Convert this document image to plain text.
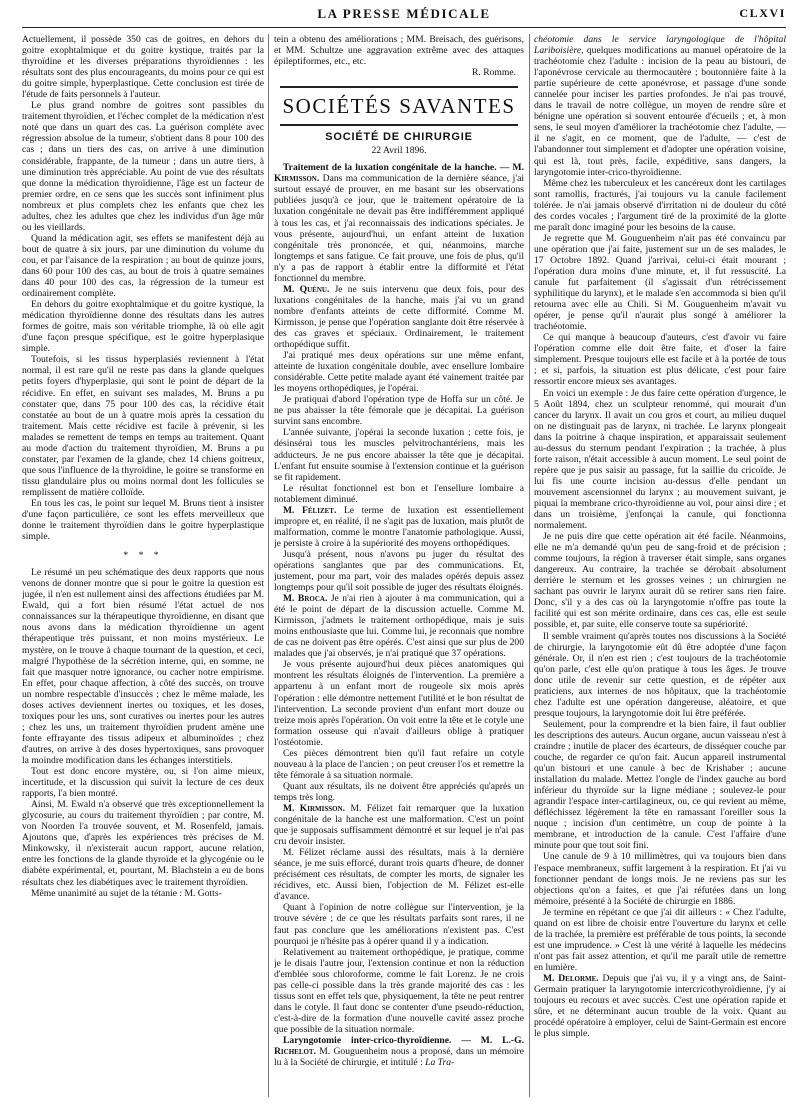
LA PRESSE MÉDICALE	CLXVI

Actuellement, il possède 350 cas de goitres, en dehors du goitre exophtalmique et du goitre kystique, traités par la thyroïdine et les diverses préparations thyroïdiennes : les résultats sont des plus encourageants, du moins pour ce qui est du goitre simple, hyperplastique. Cette conclusion est tirée de l'étude de faits personnels à l'auteur.

Le plus grand nombre de goitres sont passibles du traitement thyroïdien, et l'échec complet de la médication n'est noté que dans un quart des cas. La guérison complète avec régression absolue de la tumeur, s'obtient dans 8 pour 100 des cas ; dans un tiers des cas, on arrive à une diminution considérable, frappante, de la tumeur ; dans un autre tiers, à une diminution très appréciable. Au point de vue des résultats que donne la médication thyroïdienne, l'âge est un facteur de premier ordre, en ce sens que les succès sont infiniment plus nombreux et plus complets chez les enfants que chez les adultes, chez les adultes que chez les individus d'un âge mûr ou les vieillards.

Quand la médication agit, ses effets se manifestent déjà au bout de quatre à six jours, par une diminution du volume du cou, et par l'aisance de la respiration ; au bout de quinze jours, dans 60 pour 100 des cas, au bout de trois à quatre semaines dans 40 pour 100 des cas, la régression de la tumeur est ordinairement complète.

En dehors du goitre exophtalmique et du goitre kystique, la médication thyroïdienne donne des résultats dans les autres formes de goitre, mais son véritable triomphe, là où elle agit d'une façon presque spécifique, est le goitre hyperplasique simple.

Toutefois, si les tissus hyperplasiés reviennent à l'état normal, il est rare qu'il ne reste pas dans la glande quelques petits foyers d'hyperplasie, qui sont le point de départ de la récidive. En effet, en suivant ses malades, M. Bruns a pu constater que, dans 75 pour 100 des cas, la récidive était constatée au bout de un à quatre mois après la cessation du traitement. Mais cette récidive est facile à prévenir, si les malades se remettent de temps en temps au traitement. Quant au mode d'action du traitement thyroïdien, M. Bruns a pu constater, par l'examen de la glande, chez 14 chiens goitreux, que sous l'influence de la thyroïdine, le goitre se transforme en tissu glandulaire plus ou moins normal dont les follicules se remplissent de matière colloïde.

En tous les cas, le point sur lequel M. Bruns tient à insister d'une façon particulière, ce sont les effets merveilleux que donne le traitement thyroïdien dans le goitre hyperplastique simple.

* * *

Le résumé un peu schématique des deux rapports que nous venons de donner montre que si pour le goitre la question est jugée, il n'en est nullement ainsi des affections étudiées par M. Ewald, qui a fort bien résumé l'état actuel de nos connaissances sur la thérapeutique thyroïdienne, en disant que nous avons dans la médication thyroïdienne un agent thérapeutique très puissant, et non moins mystérieux. Le mystère, on le trouve à chaque tournant de la question, et ceci, malgré l'hypothèse de la sécrétion interne, qui, en somme, ne fait que masquer notre ignorance, ou cacher notre empirisme. En effet, pour chaque affection, à côté des succès, on trouve un nombre respectable d'insuccès ; chez le même malade, les doses actives deviennent inertes ou toxiques, et les doses, toxiques pour les uns, sont curatives ou inertes pour les autres ; chez les uns, un traitement thyroïdien prudent amène une fonte effrayante des tissus adipeux et albuminoïdes ; chez d'autres, on arrive à des doses hypertoxiques, sans provoquer la moindre modification dans les échanges interstitiels.

Tout est donc encore mystère, ou, si l'on aime mieux, incertitude, et la discussion qui suivit la lecture de ces deux rapports, l'a bien montré.

Ainsi, M. Ewald n'a observé que très exceptionnellement la glycosurie, au cours du traitement thyroïdien ; par contre, M. von Noorden l'a trouvée souvent, et M. Rosenfeld, jamais. Ajoutons que, d'après les expériences très précises de M. Minkowsky, il n'existerait aucun rapport, aucune relation, entre les fonctions de la glande thyroïde et la glycogénie ou le diabète expérimental, et, pourtant, M. Blachstein a eu de bons résultats chez les diabétiques avec le traitement thyroïdien.

Même unanimité au sujet de la tétanie : M. Gotts-

tein a obtenu des améliorations ; MM. Breisach, des guérisons, et MM. Schultze une aggravation extrême avec des attaques épileptiformes, etc., etc.

R. Romme.

SOCIÉTÉS SAVANTES

SOCIÉTÉ DE CHIRURGIE

22 Avril 1896.

Traitement de la luxation congénitale de la hanche. — M. Kirmisson. Dans ma communication de la dernière séance, j'ai surtout essayé de prouver, en me basant sur les observations publiées jusqu'à ce jour, que le traitement opératoire de la luxation congénitale ne devait pas être indifféremment appliqué à tous les cas, et j'ai reconnaissais des indications spéciales. Je vous présente, aujourd'hui, un enfant atteint de luxation congénitale très prononcée, et qui, néanmoins, marche longtemps et sans fatigue. Ce fait prouve, une fois de plus, qu'il n'y a pas de rapport à établir entre la difformité et l'état fonctionnel du membre.

M. Quénu. Je ne suis intervenu que deux fois, pour des luxations congénitales de la hanche, mais j'ai vu un grand nombre d'enfants atteints de cette difformité. Comme M. Kirmisson, je pense que l'opération sanglante doit être réservée à des cas graves et spéciaux. Ordinairement, le traitement orthopédique suffit.

J'ai pratiqué mes deux opérations sur une même enfant, atteinte de luxation congénitale double, avec ensellure lombaire considérable. Cette petite malade ayant été vainement traitée par les moyens orthopédiques, je l'opérai.

Je pratiquai d'abord l'opération type de Hoffa sur un côté. Je ne pus abaisser la tête fémorale que je décapitai. La guérison survint sans encombre.

L'année suivante, j'opérai la seconde luxation ; cette fois, je désinsérai tous les muscles pelvitrochantériens, mais les adducteurs. Je ne pus encore abaisser la tête que je décapitai. L'enfant fut ensuite soumise à l'extension continue et la guérison se fit rapidement.

Le résultat fonctionnel est bon et l'ensellure lombaire a notablement diminué.

M. Félizet. Le terme de luxation est essentiellement impropre et, en réalité, il ne s'agit pas de luxation, mais plutôt de malformation, comme le montre l'anatomie pathologique. Aussi, je persiste à croire à la supériorité des moyens orthopédiques.

Jusqu'à présent, nous n'avons pu juger du résultat des opérations sanglantes que par des communications. Et, justement, pour ma part, voir des malades opérés depuis assez longtemps pour qu'il soit possible de juger des résultats éloignés.

M. Broca. Je n'ai rien à ajouter à ma communication, qui a été le point de départ de la discussion actuelle. Comme M. Kirmisson, j'admets le traitement orthopédique, mais je suis moins enthousiaste que lui. Comme lui, je reconnais que nombre de cas ne doivent pas être opérés. C'est ainsi que sur plus de 200 malades que j'ai observés, je n'ai pratiqué que 37 opérations.

Je vous présente aujourd'hui deux pièces anatomiques qui montrent les résultats éloignés de l'intervention. La première a appartenu à un enfant mort de rougeole six mois après l'opération : elle démontre nettement l'utilité et le bon résultat de l'intervention. La seconde provient d'un enfant mort douze ou treize mois après l'opération. On voit entre la tête et le cotyle une formation osseuse qui n'avait d'ailleurs oblige à pratiquer l'ostéotomie.

Ces pièces démontrent bien qu'il faut refaire un cotyle nouveau à la place de l'ancien ; on peut creuser l'os et remettre la tête fémorale à sa situation normale.

Quant aux résultats, ils ne doivent être appréciés qu'après un temps très long.

M. Kirmisson. M. Félizet fait remarquer que la luxation congénitale de la hanche est une malformation. C'est un point que je supposais suffisamment démontré et sur lequel je n'ai pas cru devoir insister.

M. Félizet réclame aussi des résultats, mais à la dernière séance, je me suis efforcé, durant trois quarts d'heure, de donner précisément ces résultats, de compter les morts, de signaler les récidives, etc. Aussi bien, l'objection de M. Félizet est-elle d'avance.

Quant à l'opinion de notre collègue sur l'intervention, je la trouve sévère ; de ce que les résultats parfaits sont rares, il ne faut pas conclure que les améliorations n'existent pas. C'est pourquoi je n'hésite pas à opérer quand il y a indication.

Relativement au traitement orthopédique, je pratique, comme je le disais l'autre jour, l'extension continue et non la réduction d'emblée sous chloroforme, comme le fait Lorenz. Je ne crois pas celle-ci possible dans la très grande majorité des cas : les tissus sont en effet tels que, physiquement, la tête ne peut rentrer dans le cotyle. Il faut donc se contenter d'une pseudo-réduction, c'est-à-dire de la formation d'une nouvelle cavité assez proche que possible de la situation normale.

Laryngotomie inter-crico-thyroïdienne. — M. L.-G. Richelot. M. Gouguenheim nous a proposé, dans un mémoire lu à la Société de chirurgie, et intitulé : La Tra-

chéotomie dans le service laryngologique de l'hôpital Lariboisière, quelques modifications au manuel opératoire de la trachéotomie chez l'adulte : incision de la peau au bistouri, de l'aponévrose cervicale au thermocautère ; boutonnière faite à la partie supérieure de cette aponévrose, et passage d'une sonde cannelée pour inciser les parties profondes. Je n'ai pas trouvé, dans le travail de notre collègue, un moyen de rendre sûre et bénigne une opération si souvent entourée d'écueils ; et, à mon sens, le seul moyen d'améliorer la trachéotomie chez l'adulte, — il ne s'agit, en ce moment, que de l'adulte, — c'est de l'abandonner tout simplement et d'adopter une opération voisine, qui est là, tout près, facile, expéditive, sans dangers, la laryngotomie inter-crico-thyroïdienne.

Même chez les tuberculeux et les cancéreux dont les cartilages sont ramollis, fracturés, j'ai toujours vu la canule facilement tolérée. Je n'ai jamais observé d'irritation ni de douleur du côté des cordes vocales ; l'argument tiré de la proximité de la glotte me paraît donc imaginé pour les besoins de la cause.

Je regrette que M. Gouguenheim n'ait pas été convaincu par une opération que j'ai faite, justement sur un de ses malades, le 17 Octobre 1892. Quand j'arrivai, celui-ci était mourant ; l'opération dura moins d'une minute, et, il fut ressuscité. La canule fut parfaitement (il s'agissait d'un rétrécissement syphilitique du larynx), et le malade s'en accommoda si bien qu'il retourna avec elle au Chili. Si M. Gouguenheim m'avait vu opérer, je pense qu'il n'aurait plus songé à améliorer la trachéotomie.

Ce qui manque à beaucoup d'auteurs, c'est d'avoir vu faire l'opération comme elle doit être faite, et d'oser la faire simplement. Presque toujours elle est facile et à la portée de tous ; et si, parfois, la situation est plus délicate, c'est pour faire ressortir encore mieux ses avantages.

En voici un exemple : Je dus faire cette opération d'urgence, le 5 Août 1894, chez un sculpteur renommé, qui mourait d'un cancer du larynx. Il avait un cou gros et court, au milieu duquel on ne distinguait pas de larynx, ni trachée. Le larynx plongeait dans la poitrine à chaque inspiration, et apparaissait seulement au-dessus du sternum pendant l'expiration ; la trachée, à plus forte raison, n'était accessible à aucun moment. Le seul point de repère que je pus saisir au passage, fut la saillie du cricoïde. Je lui fis une courte incision au-dessus d'elle pendant un mouvement ascensionnel du larynx ; au mouvement suivant, je piquai la membrane crico-thyroïdienne au vol, pour ainsi dire ; et dans un troisième, j'enfonçai la canule, qui fonctionna normalement.

Je ne puis dire que cette opération ait été facile. Néanmoins, elle ne m'a demandé qu'un peu de sang-froid et de précision ; comme toujours, la région à traverser était simple, sans organes dangereux. Au contraire, la trachée se dérobait absolument derrière le sternum et les grosses veines ; un chirurgien ne sachant pas ouvrir le larynx aurait dû se retirer sans rien faire. Donc, s'il y a des cas où la laryngotomie n'offre pas toute la facilité qui est son mérite ordinaire, dans ces cas, elle est seule possible, et, par suite, elle conserve toute sa supériorité.

Il semble vraiment qu'après toutes nos discussions à la Société de chirurgie, la laryngotomie eût dû être adoptée d'une façon générale. Or, il n'en est rien ; c'est toujours de la trachéotomie qu'on parle, c'est elle qu'on pratique à tous les âges. Je trouve donc utile de revenir sur cette question, et de répéter aux praticiens, aux internes de nos hôpitaux, que la trachéotomie chez l'adulte est une opération dangereuse, aléatoire, et que presque toujours, la laryngotomie doit lui être préférée.

Seulement, pour la comprendre et la bien faire, il faut oublier les descriptions des auteurs. Aucun organe, aucun vaisseau n'est à craindre ; inutile de placer des écarteurs, de disséquer couche par couche, de regarder ce qu'on fait. Aucun appareil instrumental qu'un bistouri et une canule à bec de Krishaber ; aucune installation du malade. Mettez l'ongle de l'index gauche au bord inférieur du thyroïde sur la ligne médiane ; soulevez-le pour agrandir l'espace inter-cartilagineux, ou, ce qui revient au même, défléchissez légèrement la tête en ramassant l'oreiller sous la nuque ; incision d'un centimètre, un coup de pointe à la membrane, et introduction de la canule. C'est l'affaire d'une minute pour que tout soit fini.

Une canule de 9 à 10 millimètres, qui va toujours bien dans l'espace membraneux, suffit largement à la respiration. Et j'ai vu fonctionner pendant de longs mois. Je ne reviens pas sur les objections qu'on a faites, et que j'ai réfutées dans un long mémoire, présenté à la Société de chirurgie en 1886.

Je termine en répétant ce que j'ai dit ailleurs : « Chez l'adulte, quand on est libre de choisir entre l'ouverture du larynx et celle de la trachée, la première est préférable de tous points, la seconde est une imprudence. » C'est là une vérité à laquelle les médecins n'ont pas fait assez attention, et qu'il me paraît utile de remettre en lumière.

M. Delorme. Depuis que j'ai vu, il y a vingt ans, de Saint-Germain pratiquer la laryngotomie intercricothyroïdienne, j'y ai toujours eu recours et avec succès. C'est une opération rapide et sûre, et ne déterminant aucun trouble de la voix. Quant au procédé opératoire à employer, celui de Saint-Germain est encore le plus simple.
